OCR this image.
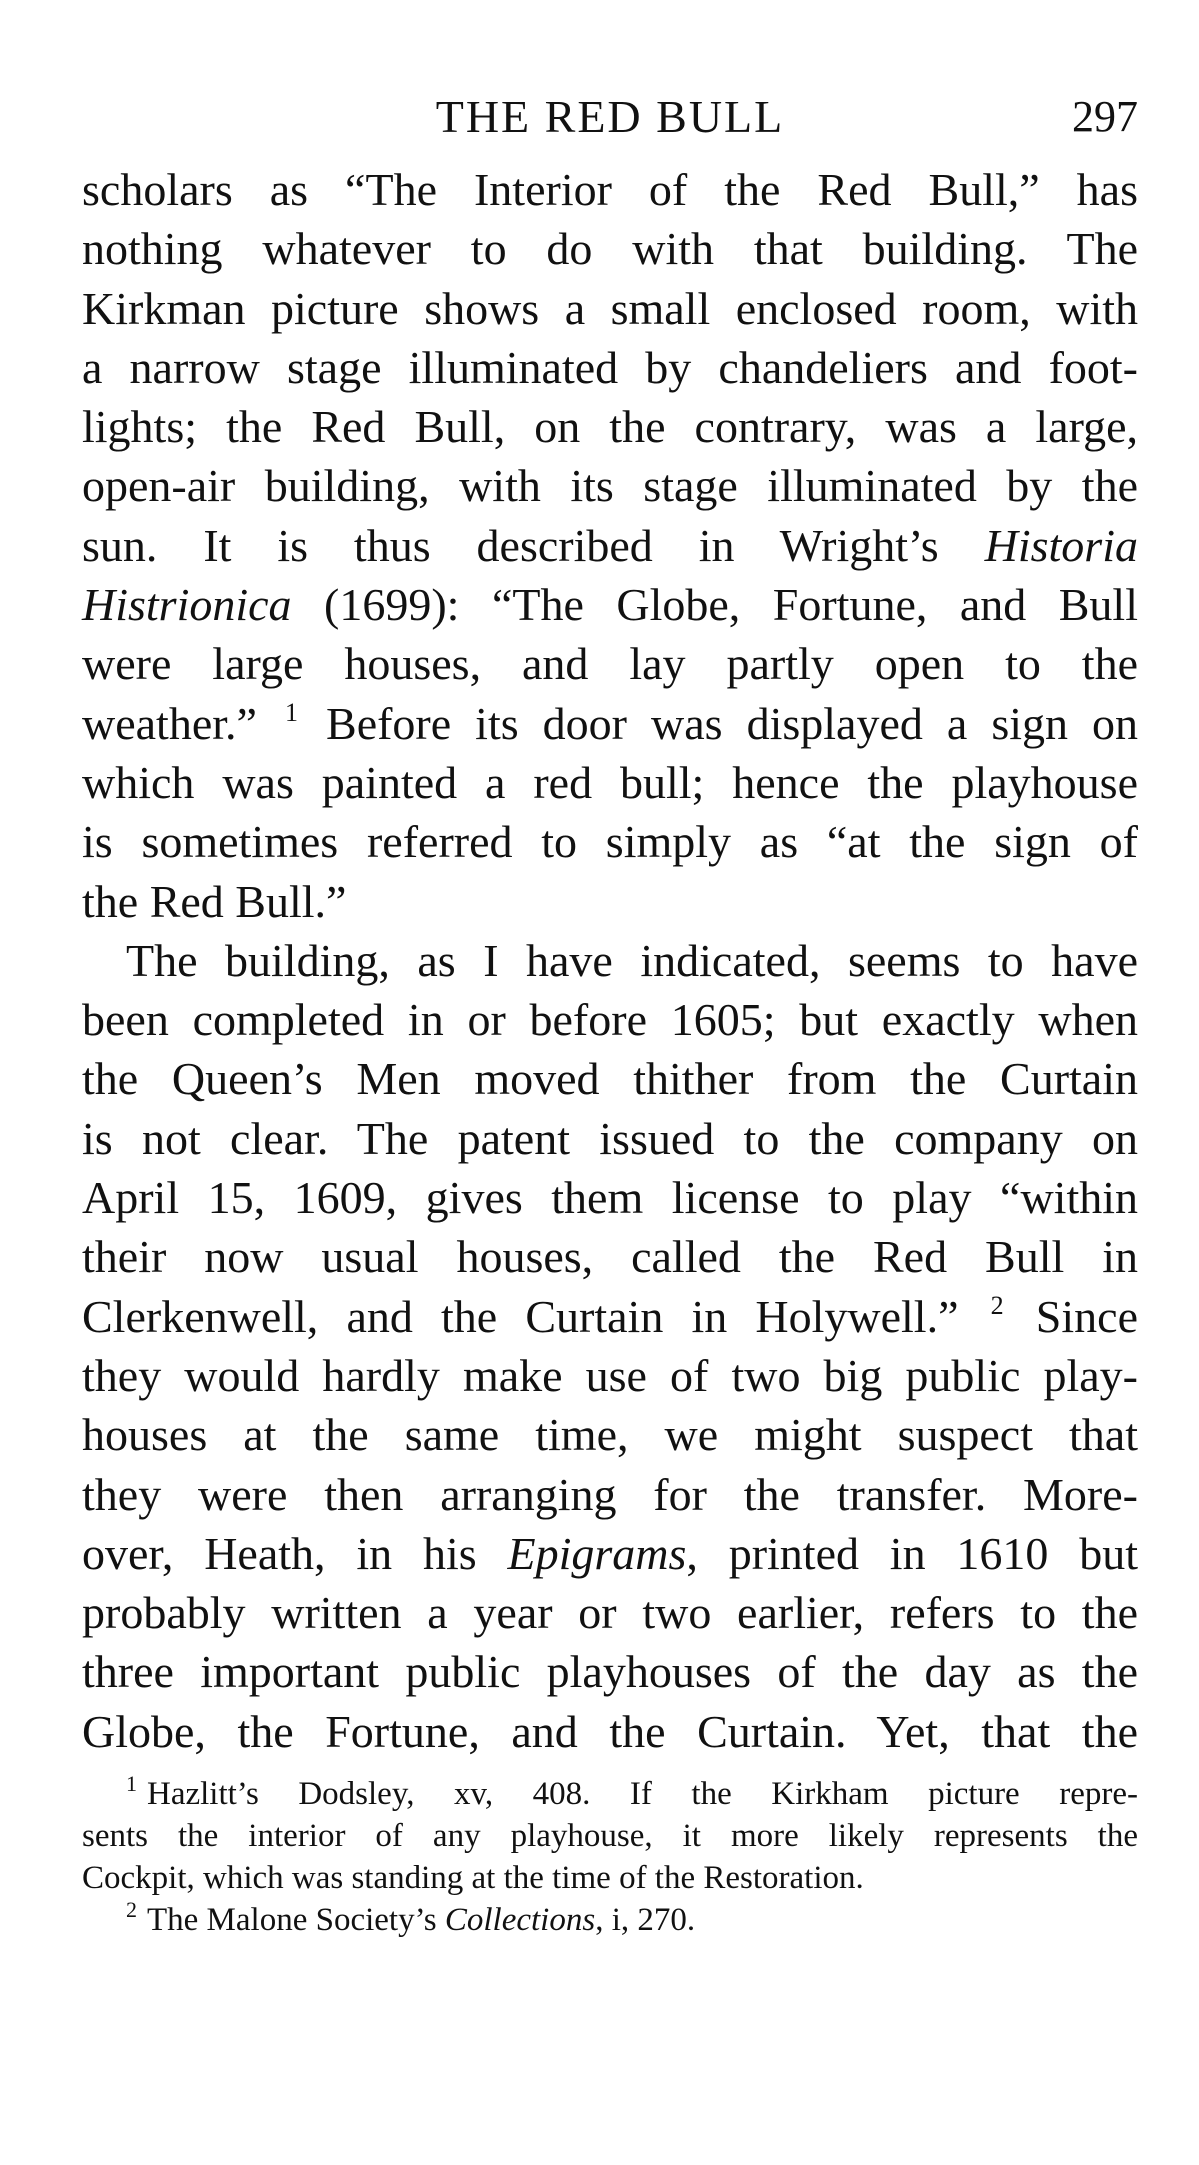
THE RED BULL	297

scholars as “The Interior of the Red Bull,” has
nothing whatever to do with that building. The
Kirkman picture shows a small enclosed room, with
a narrow stage illuminated by chandeliers and foot-
lights; the Red Bull, on the contrary, was a large,
open-air building, with its stage illuminated by the
sun. It is thus described in Wright’s Historia
Histrionica (1699): “The Globe, Fortune, and Bull
were large houses, and lay partly open to the
weather.” $^1$ Before its door was displayed a sign on
which was painted a red bull; hence the playhouse
is sometimes referred to simply as “at the sign of
the Red Bull.”

The building, as I have indicated, seems to have
been completed in or before 1605; but exactly when
the Queen’s Men moved thither from the Curtain
is not clear. The patent issued to the company on
April 15, 1609, gives them license to play “within
their now usual houses, called the Red Bull in
Clerkenwell, and the Curtain in Holywell.” $^2$ Since
they would hardly make use of two big public play-
houses at the same time, we might suspect that
they were then arranging for the transfer. More-
over, Heath, in his Epigrams, printed in 1610 but
probably written a year or two earlier, refers to the
three important public playhouses of the day as the
Globe, the Fortune, and the Curtain. Yet, that the

$^1$ Hazlitt’s Dodsley, xv, 408. If the Kirkham picture repre-
sents the interior of any playhouse, it more likely represents the
Cockpit, which was standing at the time of the Restoration.
$^2$ The Malone Society’s Collections, i, 270.
